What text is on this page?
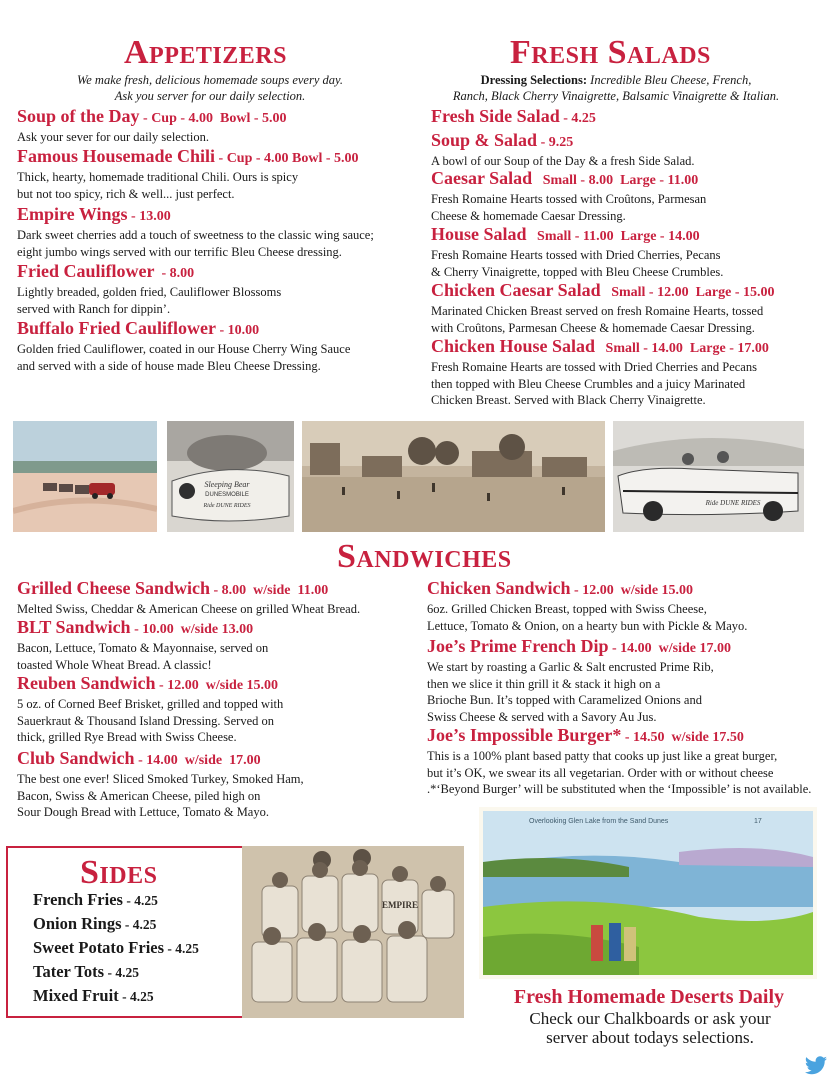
Appetizers
We make fresh, delicious homemade soups every day.
Ask you server for our daily selection.
Soup of the Day - Cup - 4.00  Bowl - 5.00
Ask your sever for our daily selection.
Famous Housemade Chili - Cup - 4.00 Bowl - 5.00
Thick, hearty, homemade traditional Chili. Ours is spicy
but not too spicy, rich & well... just perfect.
Empire Wings - 13.00
Dark sweet cherries add a touch of sweetness to the classic wing sauce;
eight jumbo wings served with our terrific Bleu Cheese dressing.
Fried Cauliflower  - 8.00
Lightly breaded, golden fried, Cauliflower Blossoms
served with Ranch for dippin’.
Buffalo Fried Cauliflower - 10.00
Golden fried Cauliflower, coated in our House Cherry Wing Sauce
and served with a side of house made Bleu Cheese Dressing.
Fresh Salads
Dressing Selections: Incredible Bleu Cheese, French,
Ranch, Black Cherry Vinaigrette, Balsamic Vinaigrette & Italian.
Fresh Side Salad - 4.25
Soup & Salad - 9.25
A bowl of our Soup of the Day & a fresh Side Salad.
Caesar Salad   Small - 8.00  Large - 11.00
Fresh Romaine Hearts tossed with Croûtons, Parmesan
Cheese & homemade Caesar Dressing.
House Salad   Small - 11.00  Large - 14.00
Fresh Romaine Hearts tossed with Dried Cherries, Pecans
& Cherry Vinaigrette, topped with Bleu Cheese Crumbles.
Chicken Caesar Salad   Small - 12.00  Large - 15.00
Marinated Chicken Breast served on fresh Romaine Hearts, tossed
with Croûtons, Parmesan Cheese & homemade Caesar Dressing.
Chicken House Salad   Small - 14.00  Large - 17.00
Fresh Romaine Hearts are tossed with Dried Cherries and Pecans
then topped with Bleu Cheese Crumbles and a juicy Marinated
Chicken Breast. Served with Black Cherry Vinaigrette.
Sleeping Bear
DUNESMOBILE
Ride DUNE RIDES	Ride DUNE RIDES
Sandwiches
Grilled Cheese Sandwich - 8.00  w/side  11.00
Melted Swiss, Cheddar & American Cheese on grilled Wheat Bread.
BLT Sandwich - 10.00  w/side 13.00
Bacon, Lettuce, Tomato & Mayonnaise, served on
toasted Whole Wheat Bread. A classic!
Reuben Sandwich - 12.00  w/side 15.00
5 oz. of Corned Beef Brisket, grilled and topped with
Sauerkraut & Thousand Island Dressing. Served on
thick, grilled Rye Bread with Swiss Cheese.
Club Sandwich - 14.00  w/side  17.00
The best one ever! Sliced Smoked Turkey, Smoked Ham,
Bacon, Swiss & American Cheese, piled high on
Sour Dough Bread with Lettuce, Tomato & Mayo.
Chicken Sandwich - 12.00  w/side 15.00
6oz. Grilled Chicken Breast, topped with Swiss Cheese,
Lettuce, Tomato & Onion, on a hearty bun with Pickle & Mayo.
Joe’s Prime French Dip - 14.00  w/side 17.00
We start by roasting a Garlic & Salt encrusted Prime Rib,
then we slice it thin grill it & stack it high on a
Brioche Bun. It’s topped with Caramelized Onions and
Swiss Cheese & served with a Savory Au Jus.
Joe’s Impossible Burger* - 14.50  w/side 17.50
This is a 100% plant based patty that cooks up just like a great burger,
but it’s OK, we swear its all vegetarian. Order with or without cheese
.*‘Beyond Burger’ will be substituted when the ‘Impossible’ is not available.
Sides
French Fries - 4.25
Onion Rings - 4.25
Sweet Potato Fries - 4.25
Tater Tots - 4.25
Mixed Fruit - 4.25
EMPIRE
Overlooking Glen Lake from the Sand Dunes	17
Fresh Homemade Deserts Daily
Check our Chalkboards or ask your
server about todays selections.
